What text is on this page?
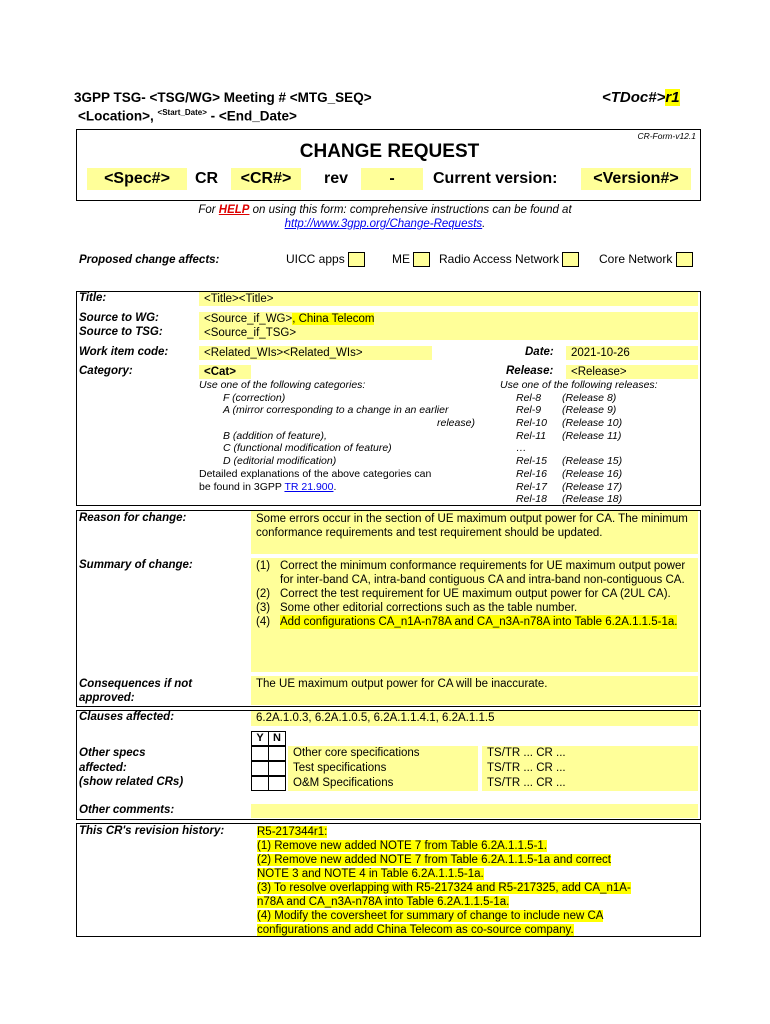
3GPP TSG- <TSG/WG> Meeting # <MTG_SEQ>
<Location>, $^{<Start\_Date>}$ - <End_Date>
<TDoc#>r1
CR-Form-v12.1
CHANGE REQUEST
<Spec#>	CR	<CR#>	rev	-	Current version:	<Version#>
For HELP on using this form: comprehensive instructions can be found at
http://www.3gpp.org/Change-Requests.
Proposed change affects:	UICC apps	ME	Radio Access Network	Core Network
Title:	<Title><Title>
Source to WG:	<Source_if_WG>, China Telecom
Source to TSG:	<Source_if_TSG>
Work item code:	<Related_WIs><Related_WIs>	Date:	2021-10-26
Category:	<Cat>	Release:	<Release>
Use one of the following categories:
F (correction)
A (mirror corresponding to a change in an earlier
release)
B (addition of feature),
C (functional modification of feature)
D (editorial modification)
Detailed explanations of the above categories can
be found in 3GPP TR 21.900.
Use one of the following releases:
Rel-8 (Release 8)
Rel-9 (Release 9)
Rel-10 (Release 10)
Rel-11 (Release 11)
…
Rel-15 (Release 15)
Rel-16 (Release 16)
Rel-17 (Release 17)
Rel-18 (Release 18)
Reason for change:	Some errors occur in the section of UE maximum output power for CA. The minimum conformance requirements and test requirement should be updated.
Summary of change:	(1) Correct the minimum conformance requirements for UE maximum output power for inter-band CA, intra-band contiguous CA and intra-band non-contiguous CA.
(2) Correct the test requirement for UE maximum output power for CA (2UL CA).
(3) Some other editorial corrections such as the table number.
(4) Add configurations CA_n1A-n78A and CA_n3A-n78A into Table 6.2A.1.1.5-1a.
Consequences if not
approved:
The UE maximum output power for CA will be inaccurate.
Clauses affected:	6.2A.1.0.3, 6.2A.1.0.5, 6.2A.1.1.4.1, 6.2A.1.1.5
Y N
Other specs
affected:
(show related CRs)
Other core specifications	TS/TR ... CR ...
Test specifications	TS/TR ... CR ...
O&M Specifications	TS/TR ... CR ...
Other comments:
This CR's revision history:	R5-217344r1:
(1) Remove new added NOTE 7 from Table 6.2A.1.1.5-1.
(2) Remove new added NOTE 7 from Table 6.2A.1.1.5-1a and correct
NOTE 3 and NOTE 4 in Table 6.2A.1.1.5-1a.
(3) To resolve overlapping with R5-217324 and R5-217325, add CA_n1A-
n78A and CA_n3A-n78A into Table 6.2A.1.1.5-1a.
(4) Modify the coversheet for summary of change to include new CA
configurations and add China Telecom as co-source company.
